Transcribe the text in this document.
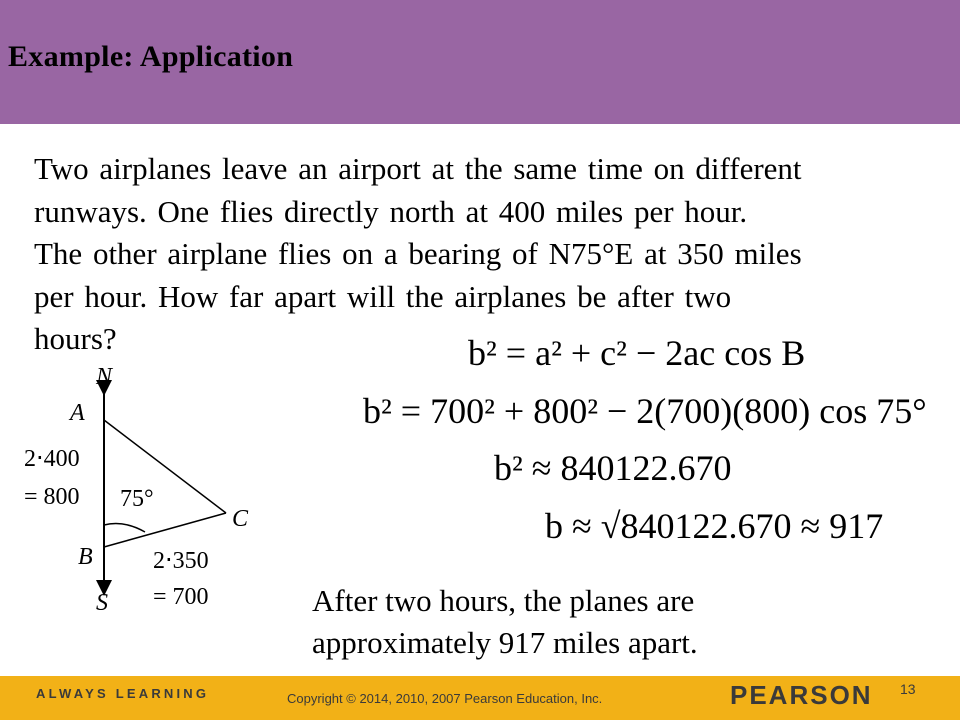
Example: Application
Two airplanes leave an airport at the same time on different
runways. One flies directly north at 400 miles per hour.
The other airplane flies on a bearing of N75°E at 350 miles
per hour. How far apart will the airplanes be after two
hours?	b² = a² + c² − 2ac cos B
b² = 700² + 800² − 2(700)(800) cos 75°
b² ≈ 840122.670
b ≈ √840122.670 ≈ 917
N
A
2⋅400
= 800 75°
C
B	2⋅350
= 700
S	After two hours, the planes are
approximately 917 miles apart.
ALWAYS LEARNING	Copyright © 2014, 2010, 2007 Pearson Education, Inc.	PEARSON 13
